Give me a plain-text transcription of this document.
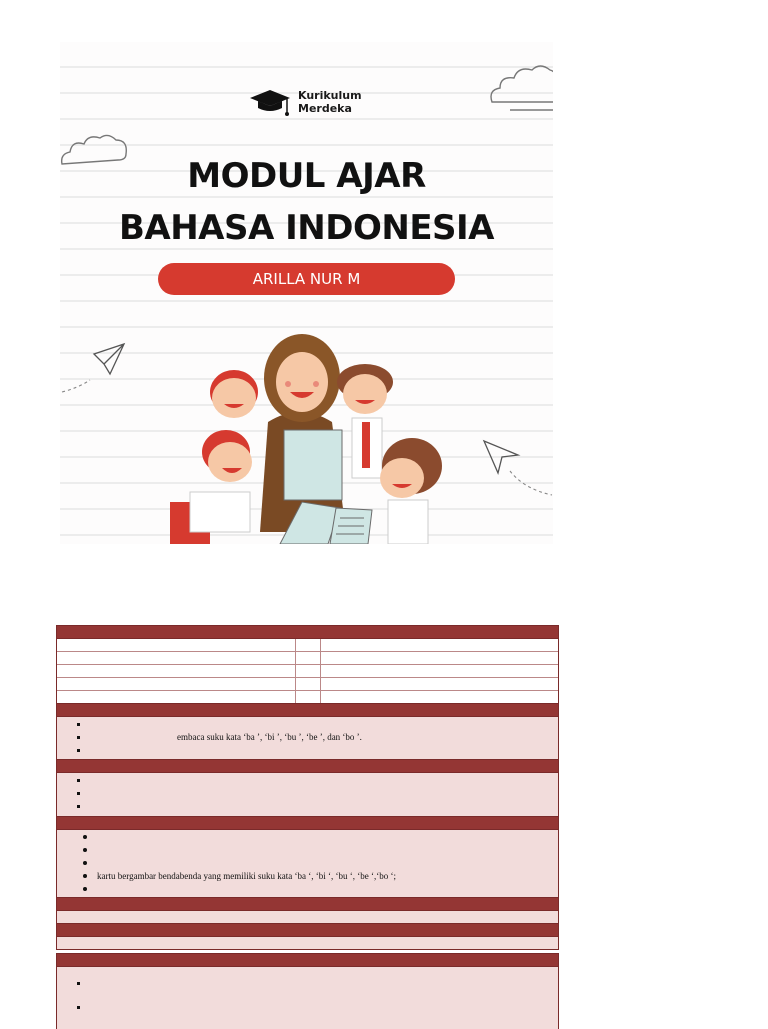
Kurikulum
Merdeka
MODUL AJAR
BAHASA INDONESIA
ARILLA NUR M
embaca suku kata ‘ba ’, ‘bi ’, ‘bu ’, ‘be ’, dan ‘bo ’.
kartu bergambar bendabenda yang memiliki suku kata ‘ba ‘, ‘bi ‘, ‘bu ‘, ‘be ‘,‘bo ‘;
